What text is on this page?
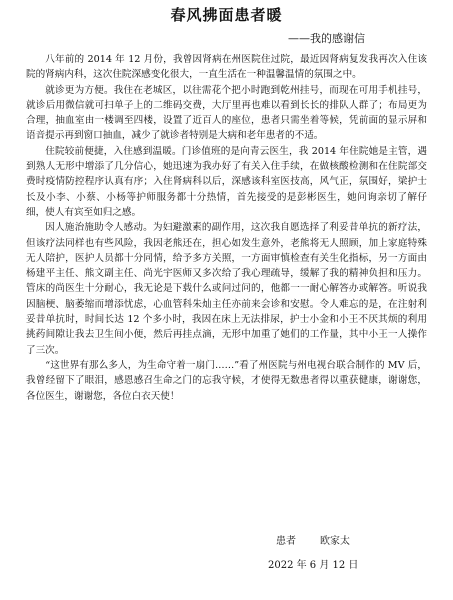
春风拂面患者暖
——我的感谢信

八年前的 2014 年 12 月份，我曾因肾病在州医院住过院，最近因肾病复发我再次入住该院的肾病内科，这次住院深感变化很大，一直生活在一种温馨温情的氛围之中。

就诊更为方便。我住在老城区，以往需花个把小时跑到乾州挂号，而现在可用手机挂号，就诊后用微信就可扫单子上的二维码交费，大厅里再也难以看到长长的排队人群了；布局更为合理，抽血室由一楼调至四楼，设置了近百人的座位，患者只需坐着等候，凭前面的显示屏和语音提示再到窗口抽血，减少了就诊者特别是大病和老年患者的不适。

住院较前便捷，入住感到温暖。门诊值班的是向青云医生，我 2014 年住院她是主管，遇到熟人无形中增添了几分信心，她迅速为我办好了有关入住手续，在做核酸检测和在住院部交费时疫情防控程序认真有序；入住肾病科以后，深感该科室医技高，风气正，氛围好，梁护士长及小李、小蔡、小杨等护师服务都十分热情，首先接受的是彭彬医生，她问询亲切了解仔细，使人有宾至如归之感。

因人施治施助令人感动。为妇避激素的副作用，这次我自愿选择了利妥昔单抗的新疗法，但该疗法同样也有些风险，我因老熊还在，担心如发生意外，老熊将无人照顾，加上家庭特殊无人陪护，医护人员都十分同情，给予多方关照，一方面审慎检查有关生化指标，另一方面由杨建平主任、熊文副主任、尚光宇医师又多次给了我心理疏导，缓解了我的精神负担和压力。管床的尚医生十分耐心，我无论是下载什么或问过问的，他都一一耐心解答办或解答。听说我因脑梗、脑萎缩而增添忧虑，心血管科朱灿主任亦前来会诊和安慰。令人难忘的是，在注射利妥昔单抗时，时间长达 12 个多小时，我因在床上无法排尿，护士小金和小王不厌其烦的利用挑药间隙让我去卫生间小便，然后再挂点滴，无形中加重了她们的工作量，其中小王一人操作了三次。

“这世界有那么多人，为生命守着一扇门……”看了州医院与州电视台联合制作的 MV 后，我曾经留下了眼泪，感恩感召生命之门的忘我守候，才使得无数患者得以重获健康，谢谢您，各位医生，谢谢您，各位白衣天使！

患者 欧家太
2022 年 6 月 12 日
